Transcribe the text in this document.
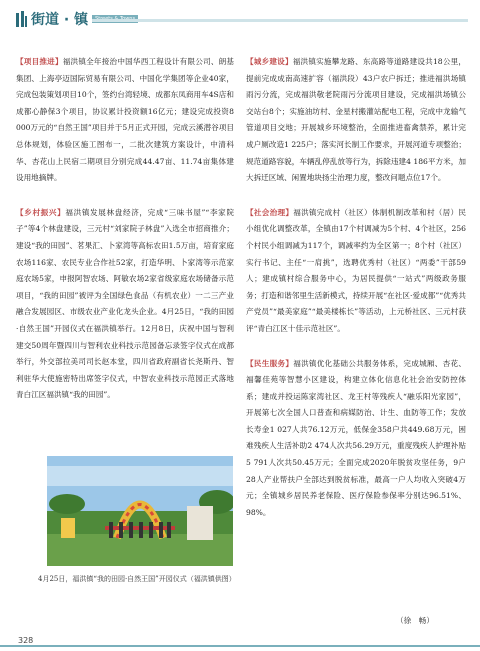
街道 · 镇

【项目推进】福洪镇全年接治中国华西工程设计有限公司、朗基集团、上海亭迈国际贸易有限公司、中国化学集团等企业40家，完成包装策划项目10个，签约台湾轻境、成都东凤商用车4S店和成都心静保3个项目，协议累计投资额16亿元；建设完成投资8 000万元的“自然王国”项目并于5月正式开园，完成云溪潜谷项目总体规划，体验区施工图布一，二批次建筑方案设计，中清科华、杏花山上民宿二期项目分别完成44.47亩、11.74亩集体建设用地摘牌。

【乡村振兴】福洪镇发展林盘经济，完成“三味书屋”“李家院子”等4个林盘建设，三元村“刘家院子林盘”入选全市招商推介；建设“我的田园”、茗果汇、卜家湾等高标农田1.5万亩，培育家庭农场116家、农民专业合作社52家，打造华明、卜家湾等示范家庭农场5家，申报阿智农场、阿敏农场2家省级家庭农场储备示范项目，“我的田园”被评为全国绿色食品（有机农业）一二三产业融合发展园区、市级农业产业化龙头企业。4月25日，“我的田园·自然王国”开园仪式在福洪镇举行。12月8日，庆祝中国与智利建交50周年暨四川与智利农业科技示范园备忘录签字仪式在成都举行，外交部拉美司司长赵本堂，四川省政府副省长尧斯丹、智利驻华大使施密特出席签字仪式，中智农业科技示范园正式落地青白江区福洪镇“我的田园”。

4月25日，福洪镇“我的田园·自然王国”开园仪式（福洪镇供图）

【城乡建设】福洪镇实施攀龙路、东高路等道路建设共18公里，提前完成成南高速扩容（福洪段）43户农户拆迁；推进福洪场镇雨污分流，完成福洪敬老院雨污分流项目建设，完成福洪场镇公交站台8个；实施油坊村、金星村搬灌站配电工程，完成中龙输气管道项目交地；开展城乡环境整治，全面推进畜禽禁养，累计完成户厕改造1 225户；落实河长制工作要求，开展河道专项整治；规范道路容貌，车辆乱停乱放等行为，拆除违建4 186平方米，加大拆迁区域、闲置地块扬尘治理力度，整改问题点位17个。

【社会治理】福洪镇完成村（社区）体制机制改革和村（居）民小组优化调整改革，全镇由17个村调减为5个村、4个社区，256个村民小组调减为117个，调减率约为全区第一；8个村（社区）实行书记、主任“一肩挑”，选聘优秀村（社区）“两委”干部59人；建成镇村综合服务中心，为居民提供“一站式”两级政务服务；打造和谐邻里生活新模式，持续开展“在社区·爱成都”“优秀共产党员”“最美家庭”“最美楼栋长”等活动，上元桥社区、三元村获评“青白江区十佳示范社区”。

【民生服务】福洪镇优化基础公共服务体系，完成城厢、杏花、福馨佳苑等智慧小区建设，构建立体化信息化社会治安防控体系；建成并投运陈家湾社区、龙王村等残疾人“融乐阳光家园”，开展第七次全国人口普查和病媒防治、计生、血防等工作；发放长寿金1 027人共76.12万元，低保金358户共449.68万元，困难残疾人生活补助2 474人次共56.29万元，重度残疾人护理补贴5 791人次共50.45万元；全面完成2020年脱贫攻坚任务，9户28人产业帮扶户全部达到脱贫标准，最高一户人均收入突破4万元；全镇城乡居民养老保险、医疗保险参保率分别达96.51%、98%。

（徐　畅）
328
